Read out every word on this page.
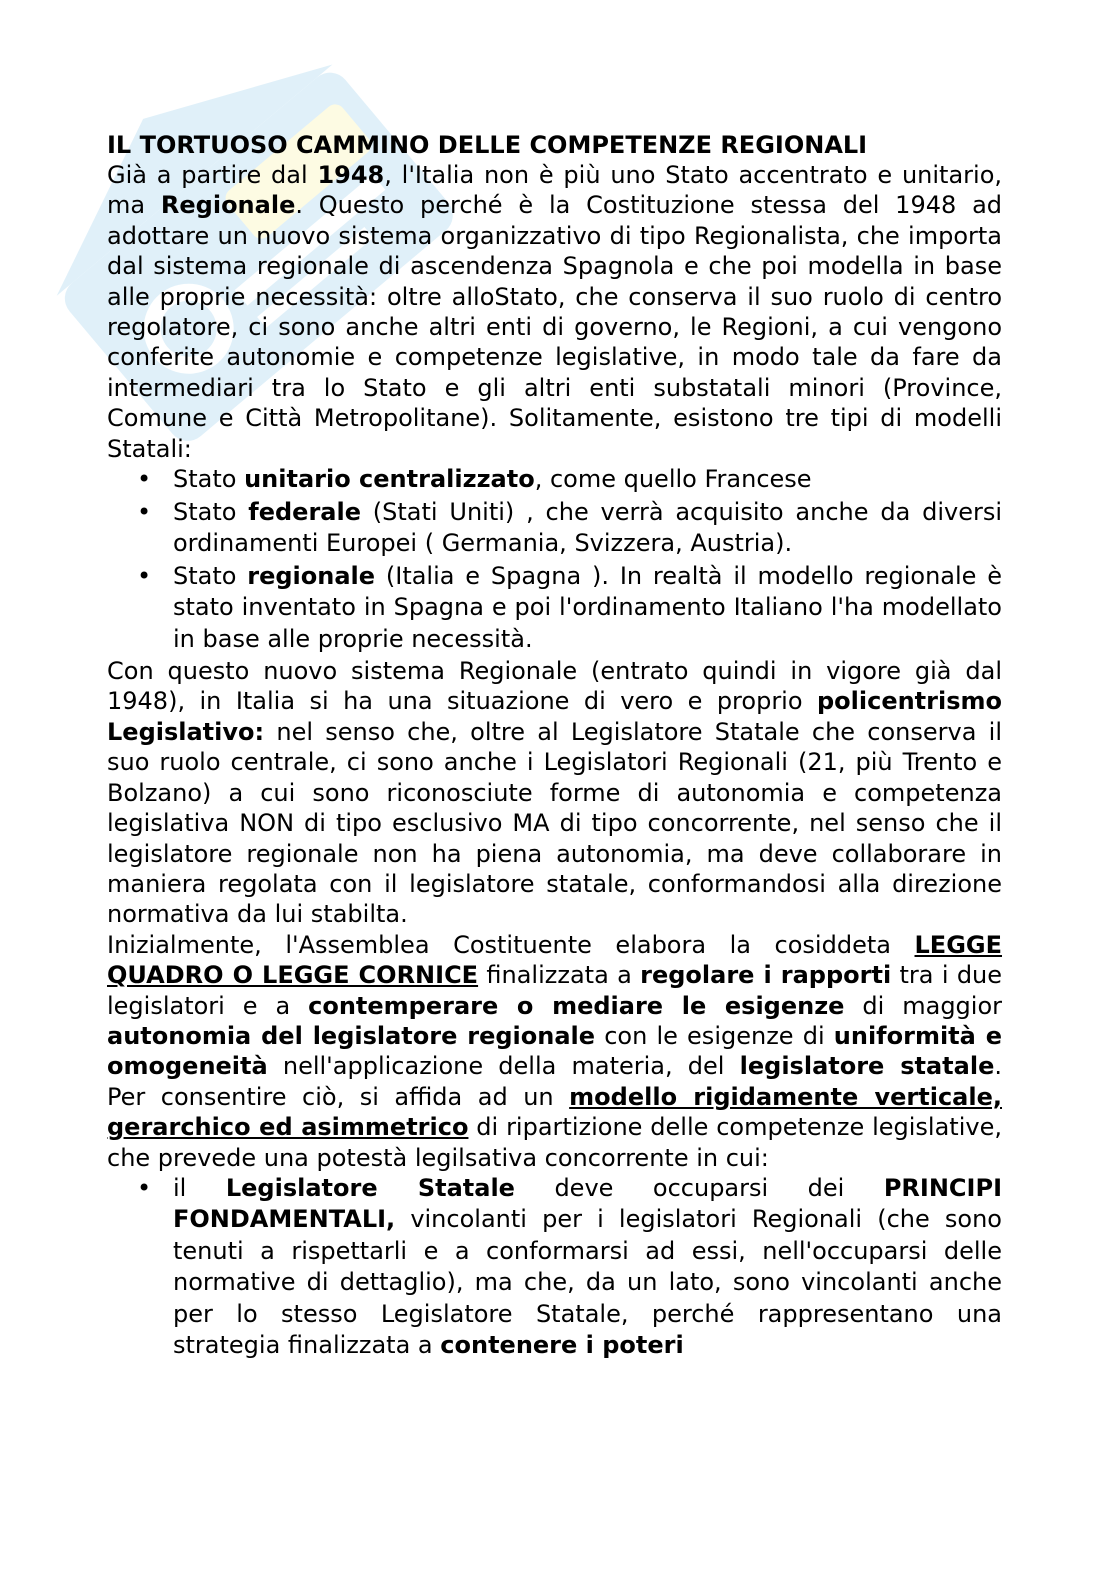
IL TORTUOSO CAMMINO DELLE COMPETENZE REGIONALI

Già a partire dal 1948, l'Italia non è più uno Stato accentrato e unitario, ma Regionale. Questo perché è la Costituzione stessa del 1948 ad adottare un nuovo sistema organizzativo di tipo Regionalista, che importa dal sistema regionale di ascendenza Spagnola e che poi modella in base alle proprie necessità: oltre alloStato, che conserva il suo ruolo di centro regolatore, ci sono anche altri enti di governo, le Regioni, a cui vengono conferite autonomie e competenze legislative, in modo tale da fare da intermediari tra lo Stato e gli altri enti substatali minori (Province, Comune e Città Metropolitane). Solitamente, esistono tre tipi di modelli Statali:

• Stato unitario centralizzato, come quello Francese
• Stato federale (Stati Uniti) , che verrà acquisito anche da diversi ordinamenti Europei ( Germania, Svizzera, Austria).
• Stato regionale (Italia e Spagna ). In realtà il modello regionale è stato inventato in Spagna e poi l'ordinamento Italiano l'ha modellato in base alle proprie necessità.

Con questo nuovo sistema Regionale (entrato quindi in vigore già dal 1948), in Italia si ha una situazione di vero e proprio policentrismo Legislativo: nel senso che, oltre al Legislatore Statale che conserva il suo ruolo centrale, ci sono anche i Legislatori Regionali (21, più Trento e Bolzano) a cui sono riconosciute forme di autonomia e competenza legislativa NON di tipo esclusivo MA di tipo concorrente, nel senso che il legislatore regionale non ha piena autonomia, ma deve collaborare in maniera regolata con il legislatore statale, conformandosi alla direzione normativa da lui stabilta.

Inizialmente, l'Assemblea Costituente elabora la cosiddeta LEGGE QUADRO O LEGGE CORNICE finalizzata a regolare i rapporti tra i due legislatori e a contemperare o mediare le esigenze di maggior autonomia del legislatore regionale con le esigenze di uniformità e omogeneità nell'applicazione della materia, del legislatore statale. Per consentire ciò, si affida ad un modello rigidamente verticale, gerarchico ed asimmetrico di ripartizione delle competenze legislative, che prevede una potestà legilsativa concorrente in cui:

• il Legislatore Statale deve occuparsi dei PRINCIPI FONDAMENTALI, vincolanti per i legislatori Regionali (che sono tenuti a rispettarli e a conformarsi ad essi, nell'occuparsi delle normative di dettaglio), ma che, da un lato, sono vincolanti anche per lo stesso Legislatore Statale, perché rappresentano una strategia finalizzata a contenere i poteri
